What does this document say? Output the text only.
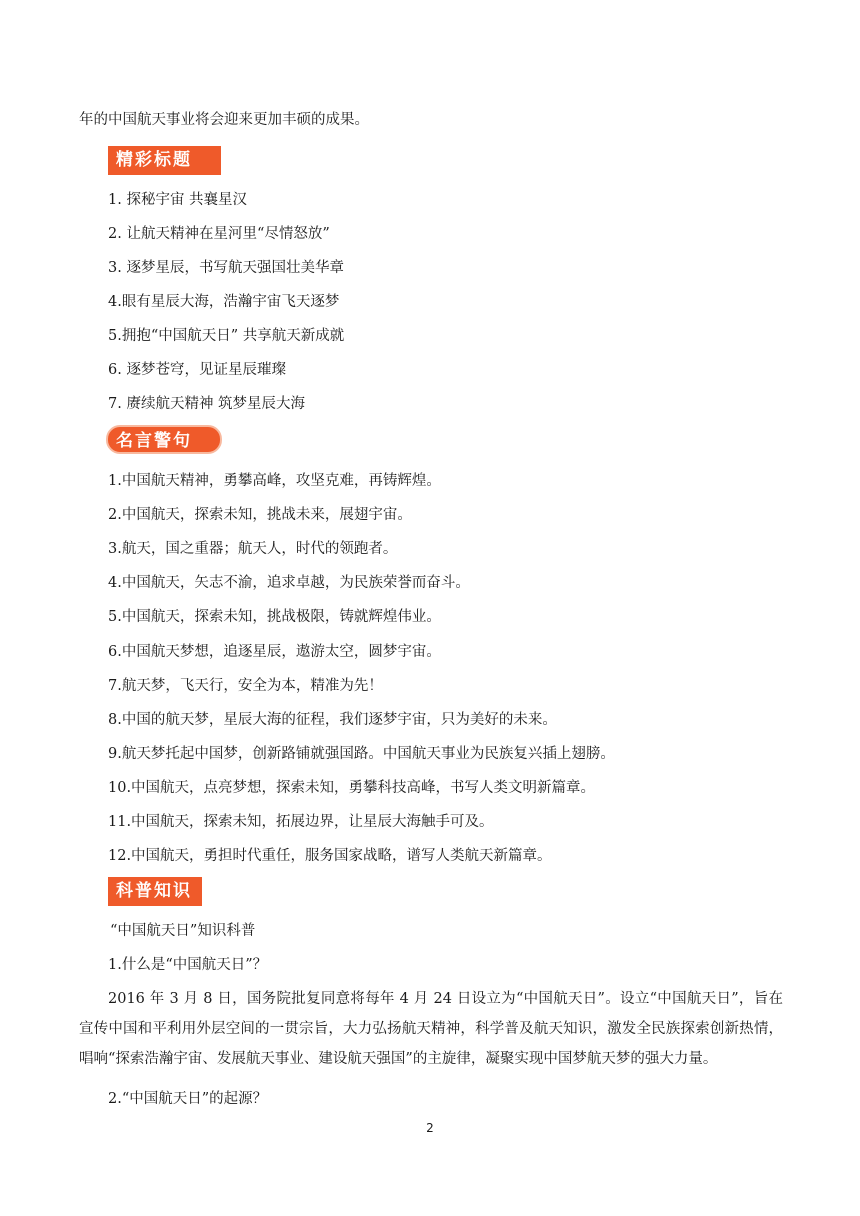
年的中国航天事业将会迎来更加丰硕的成果。
精彩标题
1. 探秘宇宙 共襄星汉
2. 让航天精神在星河里“尽情怒放”
3. 逐梦星辰，书写航天强国壮美华章
4.眼有星辰大海，浩瀚宇宙飞天逐梦
5.拥抱“中国航天日” 共享航天新成就
6. 逐梦苍穹，见证星辰璀璨
7. 赓续航天精神 筑梦星辰大海
名言警句
1.中国航天精神，勇攀高峰，攻坚克难，再铸辉煌。
2.中国航天，探索未知，挑战未来，展翅宇宙。
3.航天，国之重器；航天人，时代的领跑者。
4.中国航天，矢志不渝，追求卓越，为民族荣誉而奋斗。
5.中国航天，探索未知，挑战极限，铸就辉煌伟业。
6.中国航天梦想，追逐星辰，遨游太空，圆梦宇宙。
7.航天梦，飞天行，安全为本，精准为先！
8.中国的航天梦，星辰大海的征程，我们逐梦宇宙，只为美好的未来。
9.航天梦托起中国梦，创新路铺就强国路。中国航天事业为民族复兴插上翅膀。
10.中国航天，点亮梦想，探索未知，勇攀科技高峰，书写人类文明新篇章。
11.中国航天，探索未知，拓展边界，让星辰大海触手可及。
12.中国航天，勇担时代重任，服务国家战略，谱写人类航天新篇章。
科普知识
“中国航天日”知识科普
1.什么是“中国航天日”？
2016 年 3 月 8 日，国务院批复同意将每年 4 月 24 日设立为“中国航天日”。设立“中国航天日”，旨在宣传中国和平利用外层空间的一贯宗旨，大力弘扬航天精神，科学普及航天知识，激发全民族探索创新热情，唱响“探索浩瀚宇宙、发展航天事业、建设航天强国”的主旋律，凝聚实现中国梦航天梦的强大力量。
2.“中国航天日”的起源？
2
